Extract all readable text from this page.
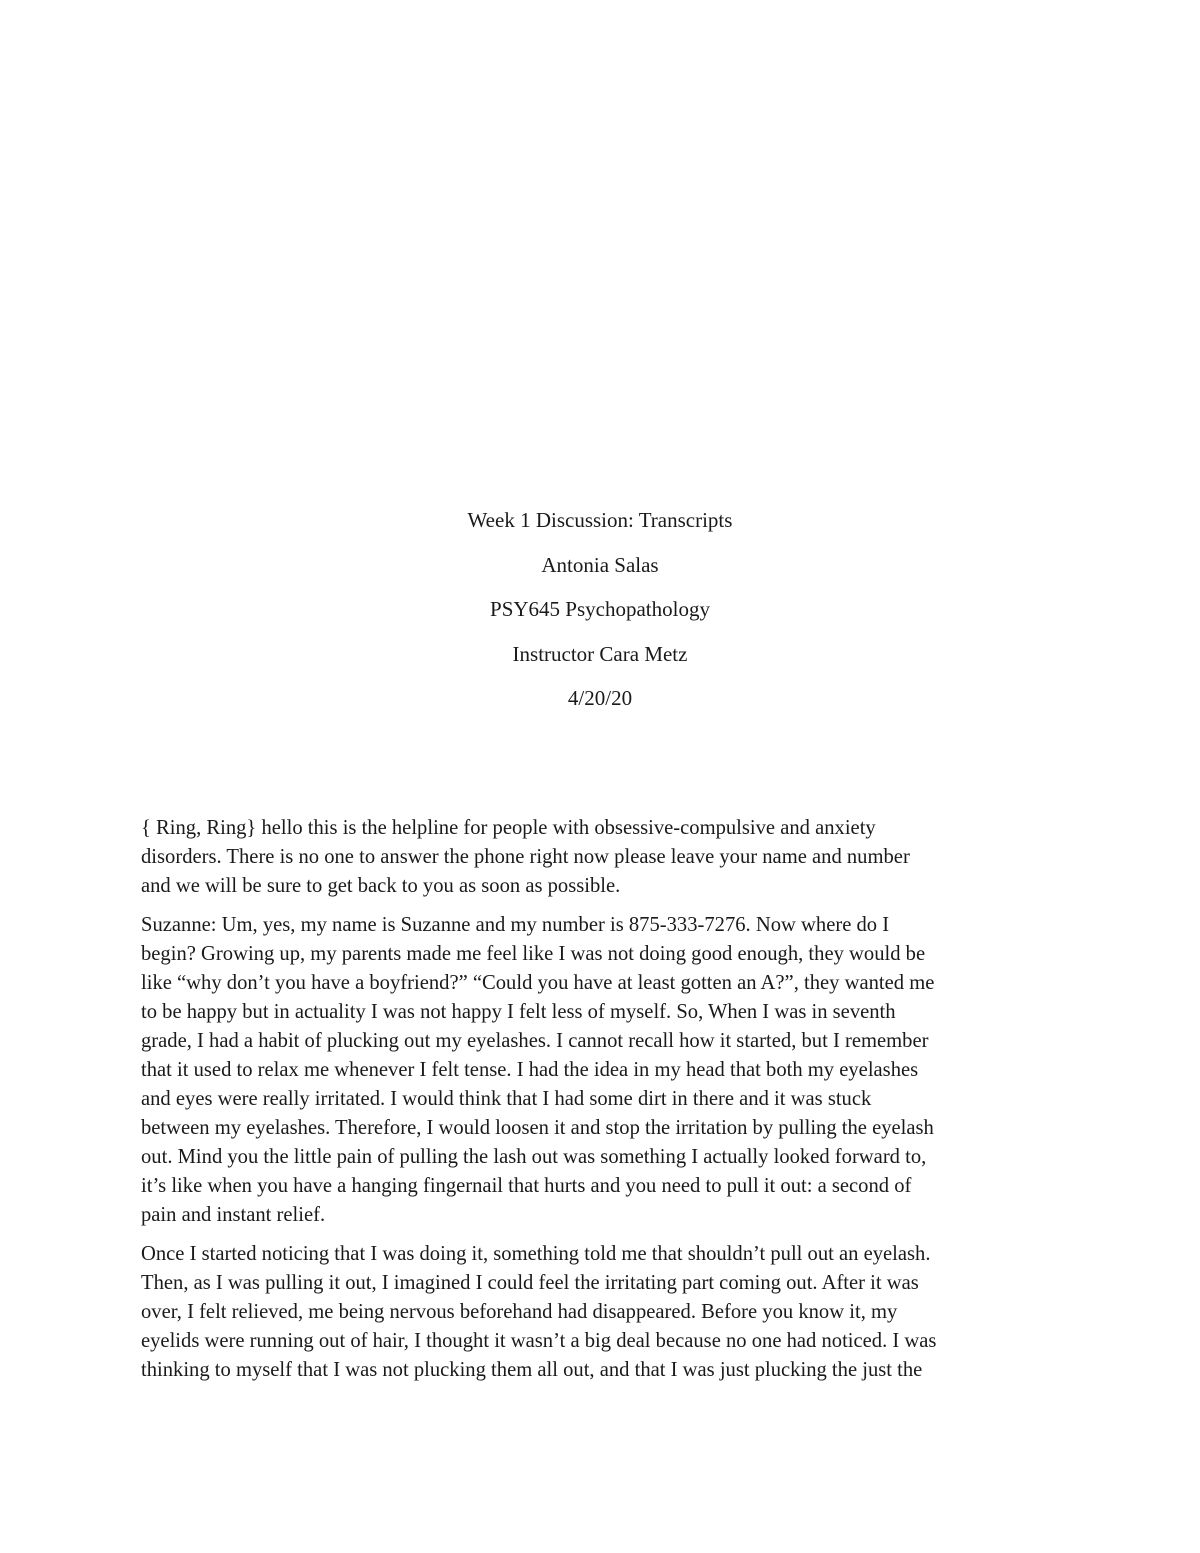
Week 1 Discussion: Transcripts
Antonia Salas
PSY645 Psychopathology
Instructor Cara Metz
4/20/20

{ Ring, Ring} hello this is the helpline for people with obsessive-compulsive and anxiety
disorders. There is no one to answer the phone right now please leave your name and number
and we will be sure to get back to you as soon as possible.

Suzanne: Um, yes, my name is Suzanne and my number is 875-333-7276. Now where do I
begin? Growing up, my parents made me feel like I was not doing good enough, they would be
like “why don’t you have a boyfriend?” “Could you have at least gotten an A?”, they wanted me
to be happy but in actuality I was not happy I felt less of myself. So, When I was in seventh
grade, I had a habit of plucking out my eyelashes. I cannot recall how it started, but I remember
that it used to relax me whenever I felt tense. I had the idea in my head that both my eyelashes
and eyes were really irritated. I would think that I had some dirt in there and it was stuck
between my eyelashes. Therefore, I would loosen it and stop the irritation by pulling the eyelash
out. Mind you the little pain of pulling the lash out was something I actually looked forward to,
it’s like when you have a hanging fingernail that hurts and you need to pull it out: a second of
pain and instant relief.

Once I started noticing that I was doing it, something told me that shouldn’t pull out an eyelash.
Then, as I was pulling it out, I imagined I could feel the irritating part coming out. After it was
over, I felt relieved, me being nervous beforehand had disappeared. Before you know it, my
eyelids were running out of hair, I thought it wasn’t a big deal because no one had noticed. I was
thinking to myself that I was not plucking them all out, and that I was just plucking the just the
